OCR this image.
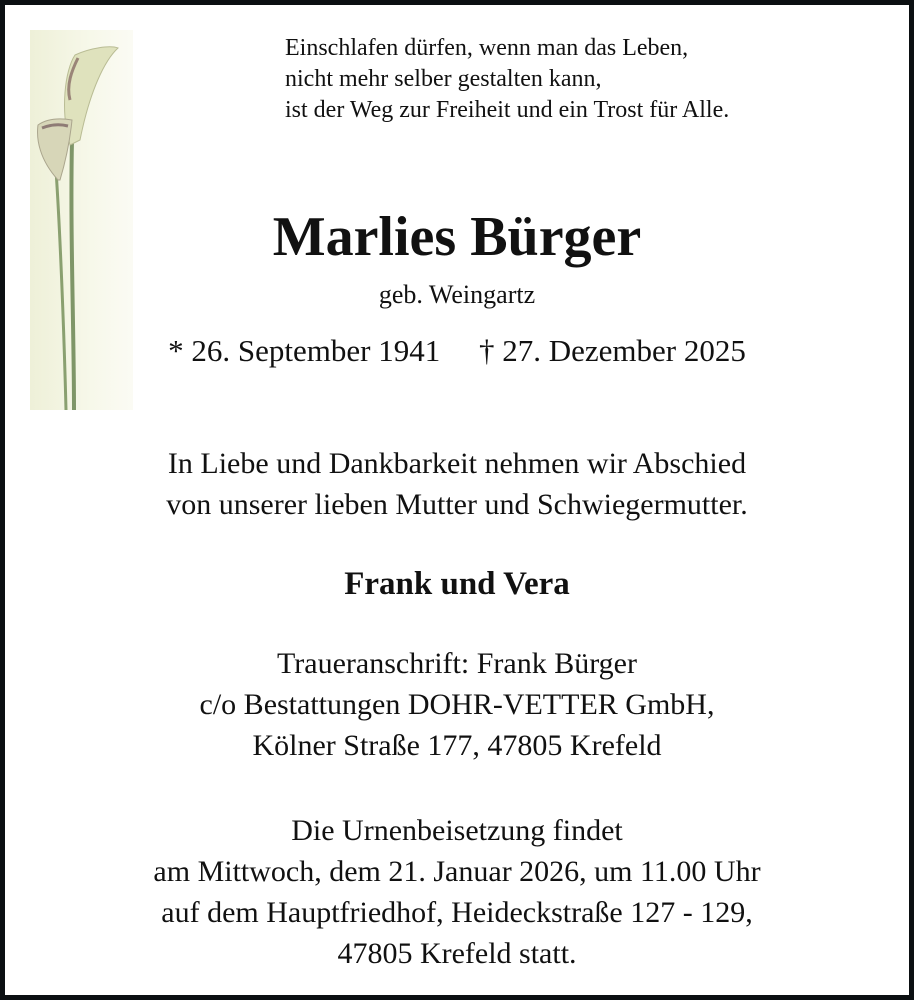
Einschlafen dürfen, wenn man das Leben,
nicht mehr selber gestalten kann,
ist der Weg zur Freiheit und ein Trost für Alle.
Marlies Bürger
geb. Weingartz
* 26. September 1941 † 27. Dezember 2025
In Liebe und Dankbarkeit nehmen wir Abschied
von unserer lieben Mutter und Schwiegermutter.
Frank und Vera
Traueranschrift: Frank Bürger
c/o Bestattungen DOHR-VETTER GmbH,
Kölner Straße 177, 47805 Krefeld
Die Urnenbeisetzung findet
am Mittwoch, dem 21. Januar 2026, um 11.00 Uhr
auf dem Hauptfriedhof, Heideckstraße 127 - 129,
47805 Krefeld statt.
